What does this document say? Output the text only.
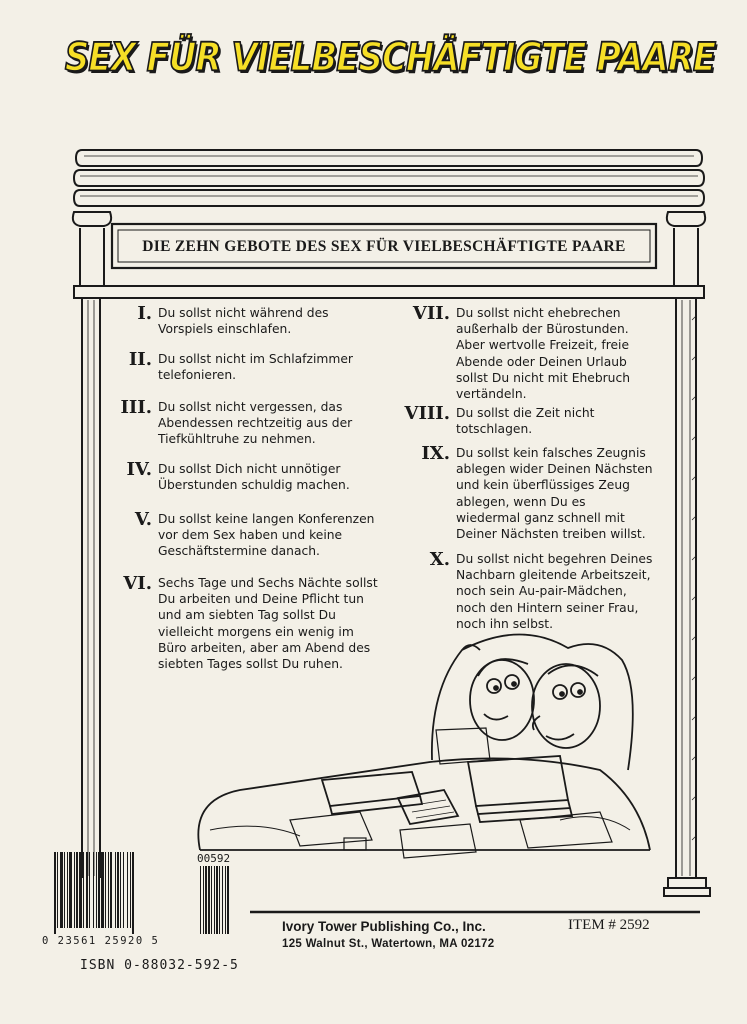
SEX FÜR VIELBESCHÄFTIGTE PAARE
DIE ZEHN GEBOTE DES SEX FÜR VIELBESCHÄFTIGTE PAARE
I. Du sollst nicht während des
Vorspiels einschlafen.
II. Du sollst nicht im Schlafzimmer
telefonieren.
III. Du sollst nicht vergessen, das
Abendessen rechtzeitig aus der
Tiefkühltruhe zu nehmen.
IV. Du sollst Dich nicht unnötiger
Überstunden schuldig machen.
V. Du sollst keine langen Konferenzen
vor dem Sex haben und keine
Geschäftstermine danach.
VI. Sechs Tage und Sechs Nächte sollst
Du arbeiten und Deine Pflicht tun
und am siebten Tag sollst Du
vielleicht morgens ein wenig im
Büro arbeiten, aber am Abend des
siebten Tages sollst Du ruhen.
VII. Du sollst nicht ehebrechen
außerhalb der Bürostunden.
Aber wertvolle Freizeit, freie
Abende oder Deinen Urlaub
sollst Du nicht mit Ehebruch
vertändeln.
VIII. Du sollst die Zeit nicht
totschlagen.
IX. Du sollst kein falsches Zeugnis
ablegen wider Deinen Nächsten
und kein überflüssiges Zeug
ablegen, wenn Du es
wiedermal ganz schnell mit
Deiner Nächsten treiben willst.
X. Du sollst nicht begehren Deines
Nachbarn gleitende Arbeitszeit,
noch sein Au-pair-Mädchen,
noch den Hintern seiner Frau,
noch ihn selbst.
00592
0 23561 25920 5
ISBN 0-88032-592-5
Ivory Tower Publishing Co., Inc.
125 Walnut St., Watertown, MA 02172
ITEM # 2592
